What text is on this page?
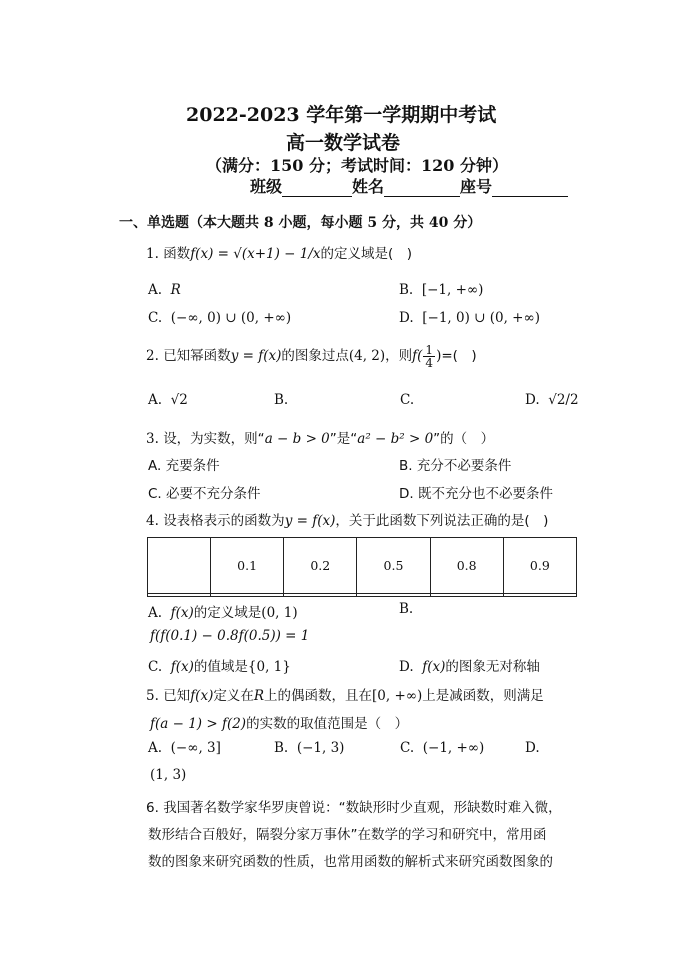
2022-2023 学年第一学期期中考试
高一数学试卷
（满分：150 分；考试时间：120 分钟）
班级	姓名	座号
一、单选题（本大题共 8 小题，每小题 5 分，共 40 分）
1. 函数f(x) = √(x+1) − 1/x的定义域是(　)
A. R	B. [−1, +∞)
C. (−∞, 0) ∪ (0, +∞)	D. [−1, 0) ∪ (0, +∞)
2. 已知幂函数y = f(x)的图象过点(4, 2)，则$f( \frac{1}{4}$ )=(　)
A. √2	B.	C.	D. √2/2
3. 设，为实数，则“a − b > 0”是“a² − b² > 0”的（　）
A. 充要条件	B. 充分不必要条件
C. 必要不充分条件	D. 既不充分也不必要条件
4. 设表格表示的函数为y = f(x)，关于此函数下列说法正确的是(　)
	0.1	0.2	0.5	0.8	0.9

A. f(x)的定义域是(0, 1)	B.
f(f(0.1) − 0.8f(0.5)) = 1
C. f(x)的值域是{0, 1}	D. f(x)的图象无对称轴
5. 已知f(x)定义在R上的偶函数，且在[0, +∞)上是减函数，则满足
f(a − 1) > f(2)的实数的取值范围是（　）
A. (−∞, 3]	B. (−1, 3)	C. (−1, +∞)	D.
(1, 3)
6. 我国著名数学家华罗庚曾说：“数缺形时少直观，形缺数时难入微，
数形结合百般好，隔裂分家万事休”在数学的学习和研究中，常用函
数的图象来研究函数的性质，也常用函数的解析式来研究函数图象的
